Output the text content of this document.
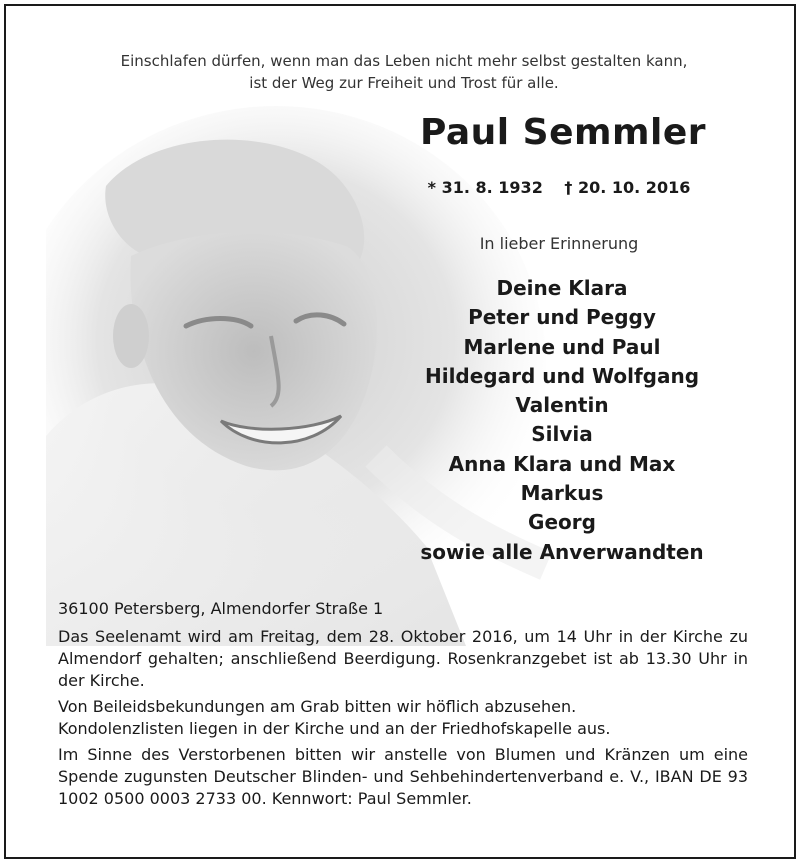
Einschlafen dürfen, wenn man das Leben nicht mehr selbst gestalten kann,
ist der Weg zur Freiheit und Trost für alle.
Paul Semmler
* 31. 8. 1932 † 20. 10. 2016
In lieber Erinnerung
Deine Klara
Peter und Peggy
Marlene und Paul
Hildegard und Wolfgang
Valentin
Silvia
Anna Klara und Max
Markus
Georg
sowie alle Anverwandten

36100 Petersberg, Almendorfer Straße 1

Das Seelenamt wird am Freitag, dem 28. Oktober 2016, um 14 Uhr in der Kirche zu Almendorf gehalten; anschließend Beerdigung. Rosenkranzgebet ist ab 13.30 Uhr in der Kirche.

Von Beileidsbekundungen am Grab bitten wir höflich abzusehen.

Kondolenzlisten liegen in der Kirche und an der Friedhofskapelle aus.

Im Sinne des Verstorbenen bitten wir anstelle von Blumen und Kränzen um eine Spende zugunsten Deutscher Blinden- und Sehbehindertenverband e. V., IBAN DE 93 1002 0500 0003 2733 00. Kennwort: Paul Semmler.
